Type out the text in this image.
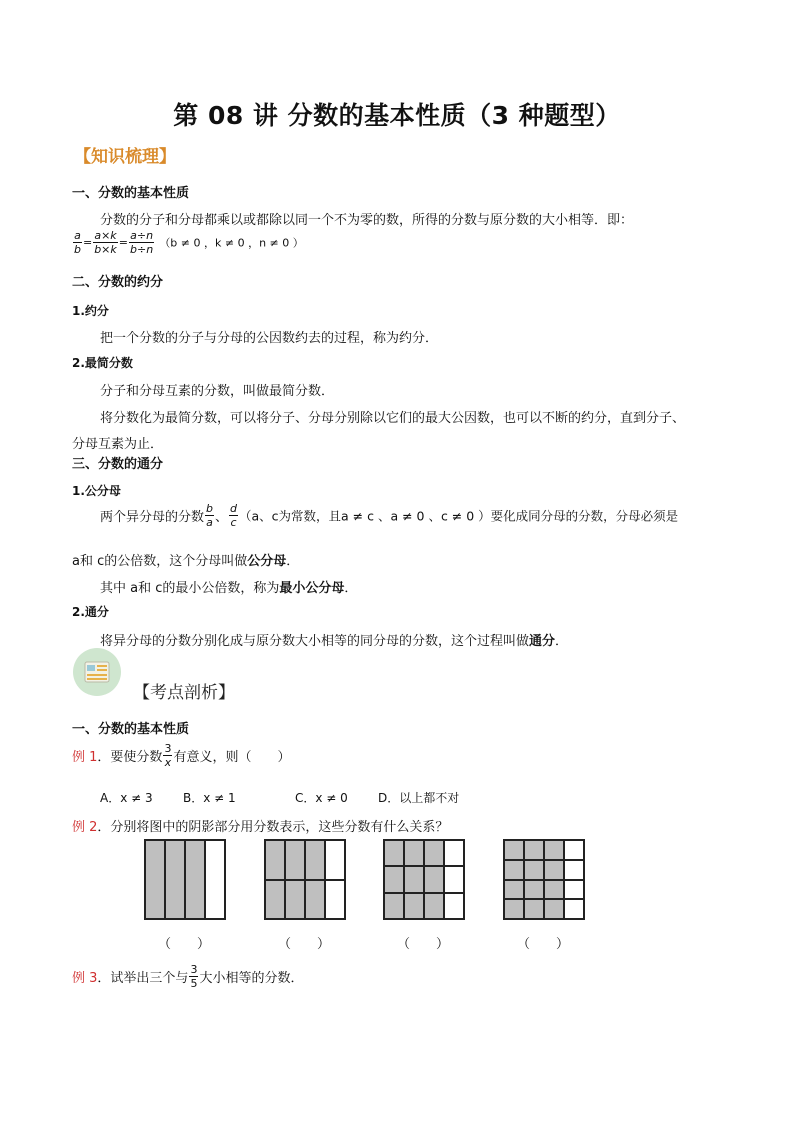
第 08 讲 分数的基本性质（3 种题型）
【知识梳理】
一、分数的基本性质
分数的分子和分母都乘以或都除以同一个不为零的数，所得的分数与原分数的大小相等．即：
$\frac{a}{b} = \frac{a\times k}{b\times k} = \frac{a\div n}{b\div n} (b \ne 0$ ，k ≠ 0 ，n ≠ 0 ）
二、分数的约分
1.约分
把一个分数的分子与分母的公因数约去的过程，称为约分．
2.最简分数
分子和分母互素的分数，叫做最简分数．
将分数化为最简分数，可以将分子、分母分别除以它们的最大公因数，也可以不断的约分，直到分子、
分母互素为止．
三、分数的通分
1.公分母
两个异分母的分数 $\frac{b}{a}$ 、 $\frac{d}{c} (a$、c为常数，且a ≠ c 、a ≠ 0 、c ≠ 0 ）要化成同分母的分数，分母必须是
a和 c的公倍数，这个分母叫做公分母．
其中 a和 c的最小公倍数，称为最小公分母．
2.通分
将异分母的分数分别化成与原分数大小相等的同分母的分数，这个过程叫做通分．
【考点剖析】
一、分数的基本性质
例 1．要使分数 $\frac{3}{x}$ 有意义，则（　　）
A．x ≠ 3	B．x ≠ 1	C．x ≠ 0	D．以上都不对
例 2．分别将图中的阴影部分用分数表示，这些分数有什么关系？
（　　）	（　　）	（　　）	（　　）
例 3．试举出三个与 $\frac{3}{5}$ 大小相等的分数．
